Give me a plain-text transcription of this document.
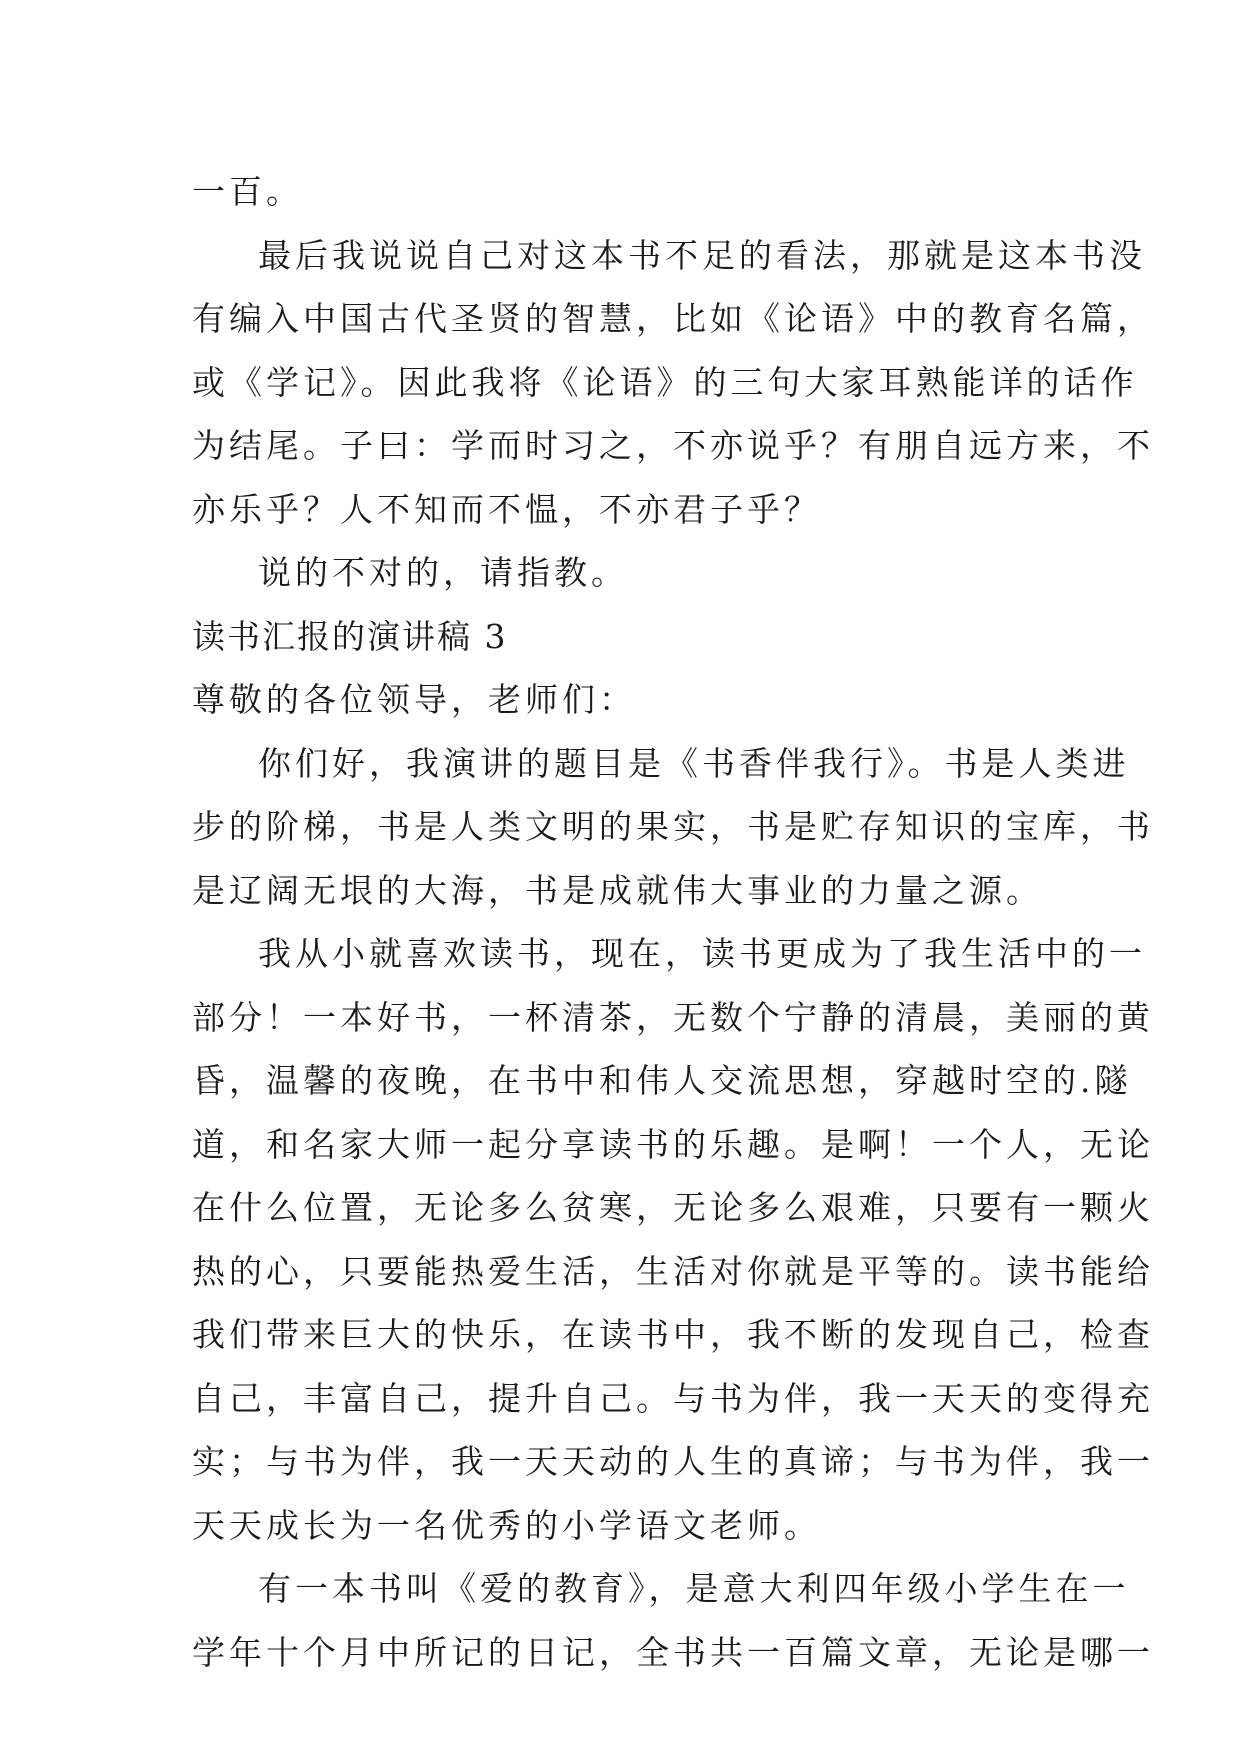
一百。
最后我说说自己对这本书不足的看法，那就是这本书没
有编入中国古代圣贤的智慧，比如《论语》中的教育名篇，
或《学记》。因此我将《论语》的三句大家耳熟能详的话作
为结尾。子曰：学而时习之，不亦说乎？有朋自远方来，不
亦乐乎？人不知而不愠，不亦君子乎？
说的不对的，请指教。
读书汇报的演讲稿 3
尊敬的各位领导，老师们：
你们好，我演讲的题目是《书香伴我行》。书是人类进
步的阶梯，书是人类文明的果实，书是贮存知识的宝库，书
是辽阔无垠的大海，书是成就伟大事业的力量之源。
我从小就喜欢读书，现在，读书更成为了我生活中的一
部分！一本好书，一杯清茶，无数个宁静的清晨，美丽的黄
昏，温馨的夜晚，在书中和伟人交流思想，穿越时空的.隧
道，和名家大师一起分享读书的乐趣。是啊！一个人，无论
在什么位置，无论多么贫寒，无论多么艰难，只要有一颗火
热的心，只要能热爱生活，生活对你就是平等的。读书能给
我们带来巨大的快乐，在读书中，我不断的发现自己，检查
自己，丰富自己，提升自己。与书为伴，我一天天的变得充
实；与书为伴，我一天天动的人生的真谛；与书为伴，我一
天天成长为一名优秀的小学语文老师。
有一本书叫《爱的教育》，是意大利四年级小学生在一
学年十个月中所记的日记，全书共一百篇文章，无论是哪一
